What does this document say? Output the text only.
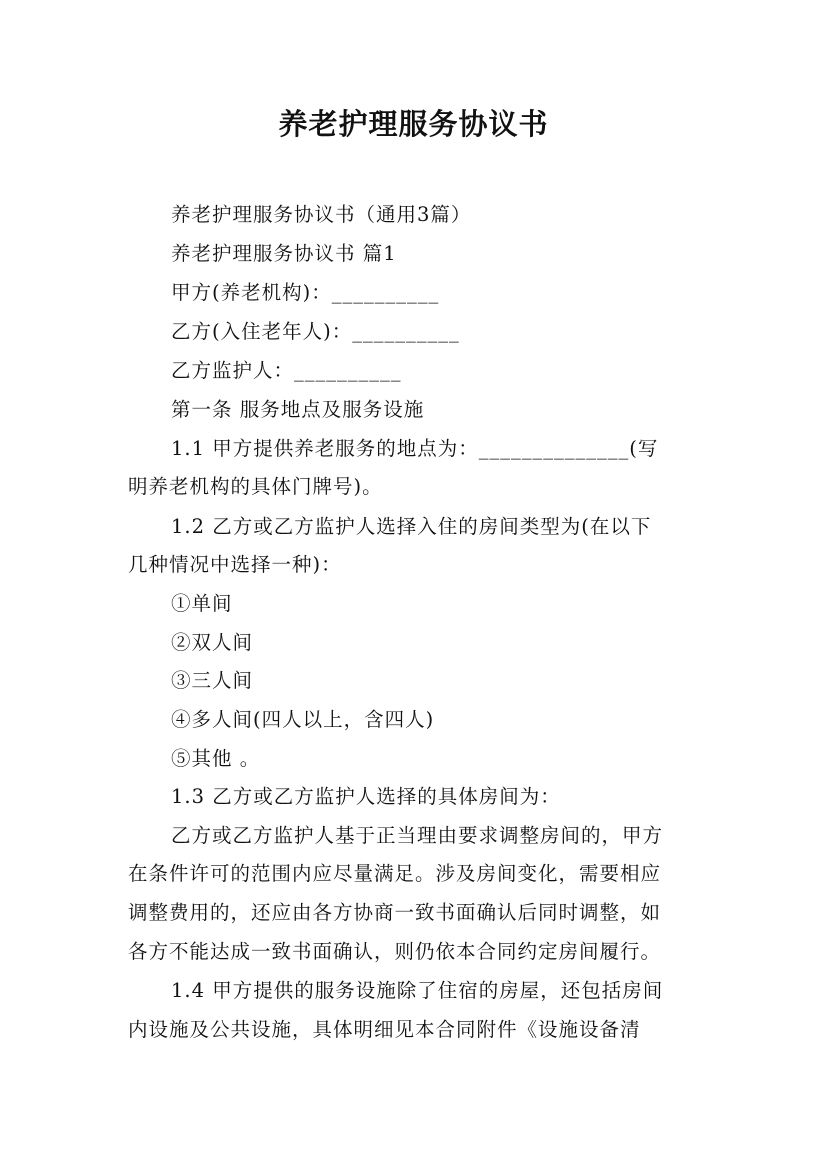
养老护理服务协议书
养老护理服务协议书（通用3篇）
养老护理服务协议书 篇1
甲方(养老机构)：__________
乙方(入住老年人)：__________
乙方监护人：__________
第一条 服务地点及服务设施
1.1 甲方提供养老服务的地点为：______________(写
明养老机构的具体门牌号)。
1.2 乙方或乙方监护人选择入住的房间类型为(在以下
几种情况中选择一种)：
①单间
②双人间
③三人间
④多人间(四人以上，含四人)
⑤其他 。
1.3 乙方或乙方监护人选择的具体房间为：
乙方或乙方监护人基于正当理由要求调整房间的，甲方
在条件许可的范围内应尽量满足。涉及房间变化，需要相应
调整费用的，还应由各方协商一致书面确认后同时调整，如
各方不能达成一致书面确认，则仍依本合同约定房间履行。
1.4 甲方提供的服务设施除了住宿的房屋，还包括房间
内设施及公共设施，具体明细见本合同附件《设施设备清
